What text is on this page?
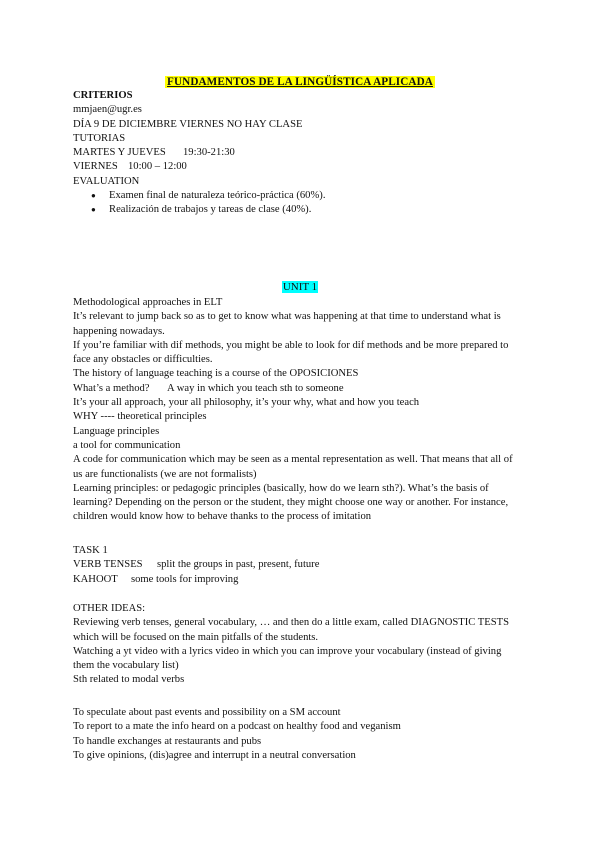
FUNDAMENTOS DE LA LINGÜÍSTICA APLICADA
CRITERIOS
mmjaen@ugr.es
DÍA 9 DE DICIEMBRE VIERNES NO HAY CLASE
TUTORIAS
MARTES Y JUEVES 19:30-21:30
VIERNES 10:00 – 12:00
EVALUATION
● Examen final de naturaleza teórico-práctica (60%).
● Realización de trabajos y tareas de clase (40%).
UNIT 1
Methodological approaches in ELT
It’s relevant to jump back so as to get to know what was happening at that time to understand what is happening nowadays.
If you’re familiar with dif methods, you might be able to look for dif methods and be more prepared to face any obstacles or difficulties.
The history of language teaching is a course of the OPOSICIONES
What’s a method? A way in which you teach sth to someone
It’s your all approach, your all philosophy, it’s your why, what and how you teach
WHY ---- theoretical principles
Language principles
a tool for communication
A code for communication which may be seen as a mental representation as well. That means that all of us are functionalists (we are not formalists)
Learning principles: or pedagogic principles (basically, how do we learn sth?). What’s the basis of learning? Depending on the person or the student, they might choose one way or another. For instance, children would know how to behave thanks to the process of imitation
TASK 1
VERB TENSES split the groups in past, present, future
KAHOOT some tools for improving
OTHER IDEAS:
Reviewing verb tenses, general vocabulary, … and then do a little exam, called DIAGNOSTIC TESTS which will be focused on the main pitfalls of the students.
Watching a yt video with a lyrics video in which you can improve your vocabulary (instead of giving them the vocabulary list)
Sth related to modal verbs
To speculate about past events and possibility on a SM account
To report to a mate the info heard on a podcast on healthy food and veganism
To handle exchanges at restaurants and pubs
To give opinions, (dis)agree and interrupt in a neutral conversation
